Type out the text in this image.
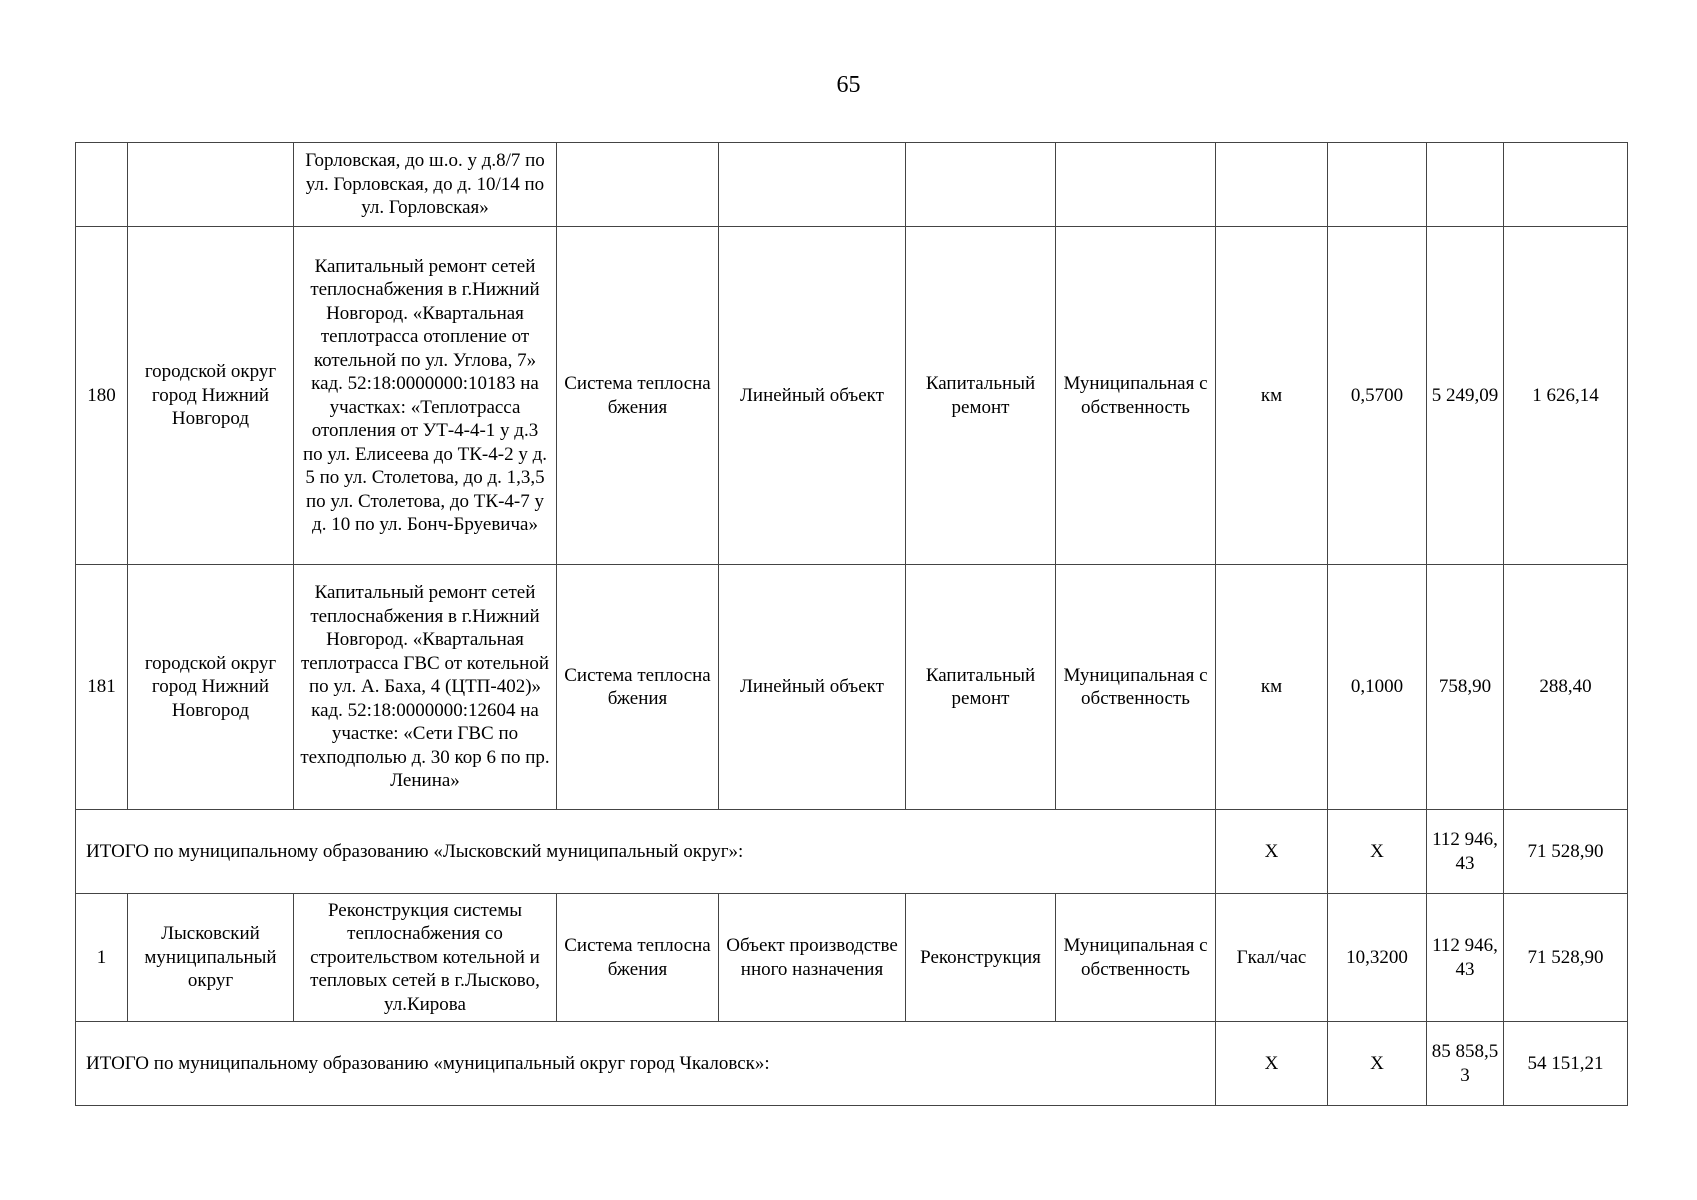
65
		Горловская, до ш.о. у д.8/7 по ул. Горловская, до д. 10/14 по ул. Горловская»								
180	городской округ город Нижний Новгород	Капитальный ремонт сетей теплоснабжения в г.Нижний Новгород. «Квартальная теплотрасса отопление от котельной по ул. Углова, 7» кад. 52:18:0000000:10183 на участках: «Теплотрасса отопления от УТ-4-4-1 у д.3 по ул. Елисеева до ТК-4-2 у д. 5 по ул. Столетова, до д. 1,3,5 по ул. Столетова, до ТК-4-7 у д. 10 по ул. Бонч-Бруевича»	Система теплоснабжения	Линейный объект	Капитальный ремонт	Муниципальная собственность	км	0,5700	5 249,09	1 626,14
181	городской округ город Нижний Новгород	Капитальный ремонт сетей теплоснабжения в г.Нижний Новгород. «Квартальная теплотрасса ГВС от котельной по ул. А. Баха, 4 (ЦТП-402)» кад. 52:18:0000000:12604 на участке: «Сети ГВС по техподполью д. 30 кор 6 по пр. Ленина»	Система теплоснабжения	Линейный объект	Капитальный ремонт	Муниципальная собственность	км	0,1000	758,90	288,40
ИТОГО по муниципальному образованию «Лысковский муниципальный округ»:							Х	Х	112 946,43	71 528,90
1	Лысковский муниципальный округ	Реконструкция системы теплоснабжения со строительством котельной и тепловых сетей в г.Лысково, ул.Кирова	Система теплоснабжения	Объект производственного назначения	Реконструкция	Муниципальная собственность	Гкал/час	10,3200	112 946,43	71 528,90
ИТОГО по муниципальному образованию «муниципальный округ город Чкаловск»:							Х	Х	85 858,53	54 151,21
